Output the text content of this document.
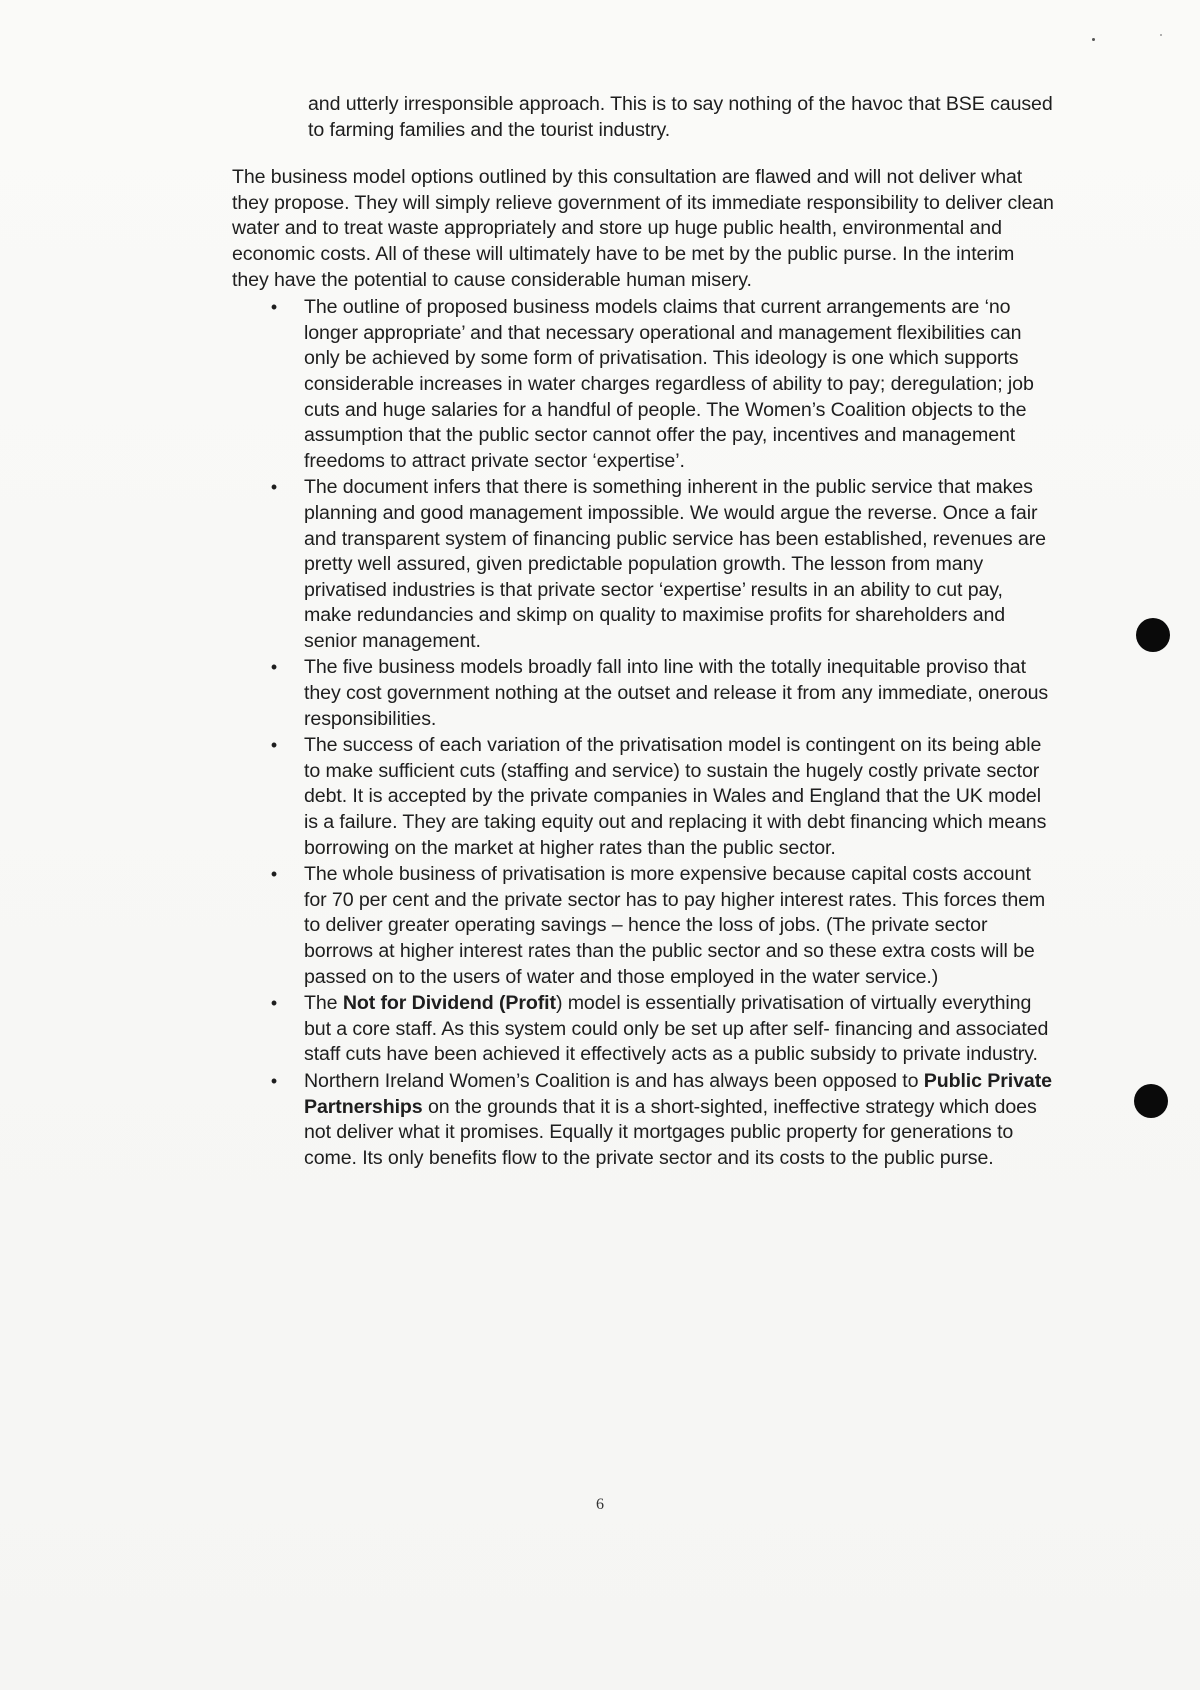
and utterly irresponsible approach. This is to say nothing of the havoc that BSE caused to farming families and the tourist industry.

The business model options outlined by this consultation are flawed and will not deliver what they propose. They will simply relieve government of its immediate responsibility to deliver clean water and to treat waste appropriately and store up huge public health, environmental and economic costs. All of these will ultimately have to be met by the public purse. In the interim they have the potential to cause considerable human misery.

•	The outline of proposed business models claims that current arrangements are ‘no longer appropriate’ and that necessary operational and management flexibilities can only be achieved by some form of privatisation. This ideology is one which supports considerable increases in water charges regardless of ability to pay; deregulation; job cuts and huge salaries for a handful of people. The Women’s Coalition objects to the assumption that the public sector cannot offer the pay, incentives and management freedoms to attract private sector ‘expertise’.
•	The document infers that there is something inherent in the public service that makes planning and good management impossible. We would argue the reverse. Once a fair and transparent system of financing public service has been established, revenues are pretty well assured, given predictable population growth. The lesson from many privatised industries is that private sector ‘expertise’ results in an ability to cut pay, make redundancies and skimp on quality to maximise profits for shareholders and senior management.
•	The five business models broadly fall into line with the totally inequitable proviso that they cost government nothing at the outset and release it from any immediate, onerous responsibilities.
•	The success of each variation of the privatisation model is contingent on its being able to make sufficient cuts (staffing and service) to sustain the hugely costly private sector debt. It is accepted by the private companies in Wales and England that the UK model is a failure. They are taking equity out and replacing it with debt financing which means borrowing on the market at higher rates than the public sector.
•	The whole business of privatisation is more expensive because capital costs account for 70 per cent and the private sector has to pay higher interest rates. This forces them to deliver greater operating savings – hence the loss of jobs. (The private sector borrows at higher interest rates than the public sector and so these extra costs will be passed on to the users of water and those employed in the water service.)
•	The Not for Dividend (Profit) model is essentially privatisation of virtually everything but a core staff. As this system could only be set up after self- financing and associated staff cuts have been achieved it effectively acts as a public subsidy to private industry.
•	Northern Ireland Women’s Coalition is and has always been opposed to Public Private Partnerships on the grounds that it is a short-sighted, ineffective strategy which does not deliver what it promises. Equally it mortgages public property for generations to come. Its only benefits flow to the private sector and its costs to the public purse.
6
